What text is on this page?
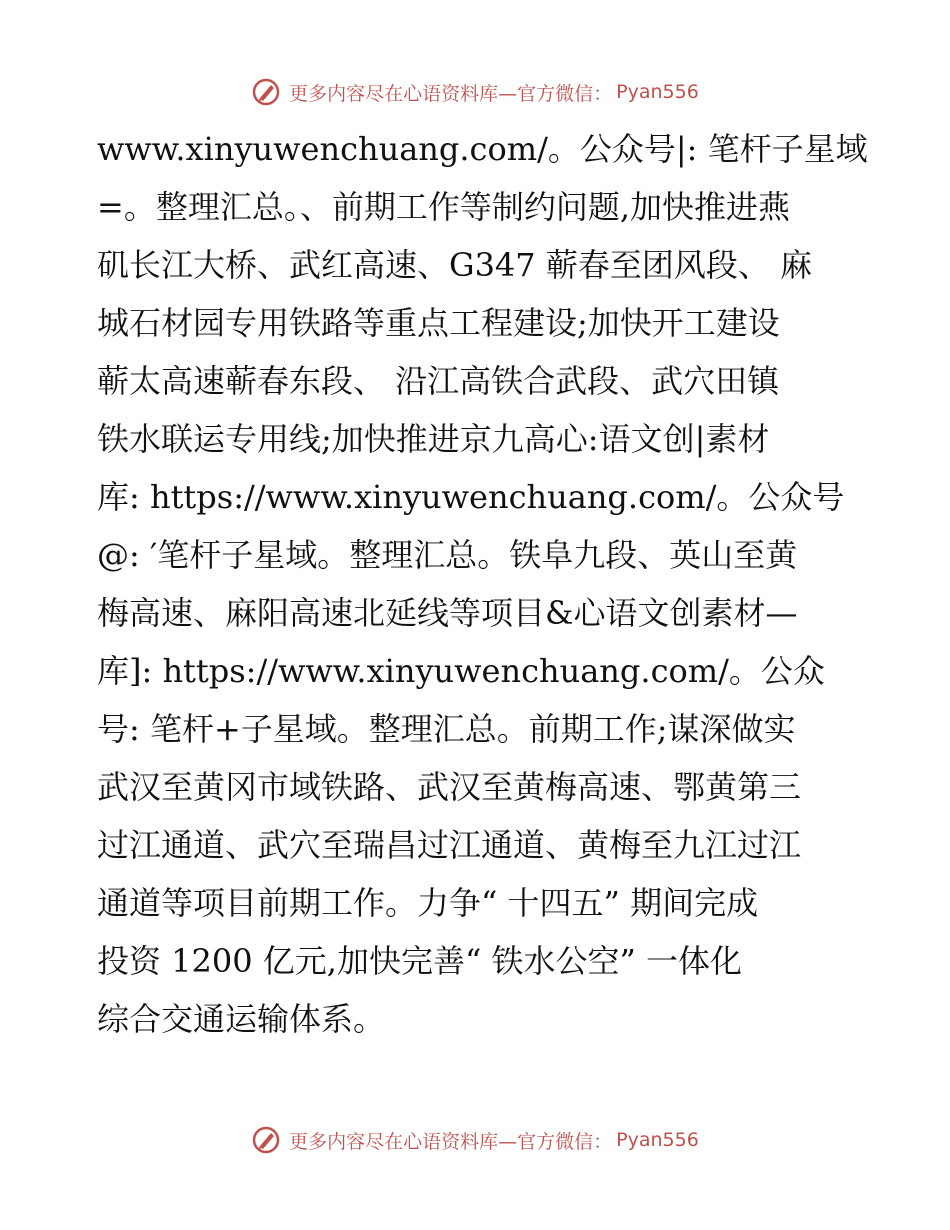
更多内容尽在心语资料库—官方微信： Pyan556
www.xinyuwenchuang.com/。公众号|: 笔杆子星域
=。整理汇总。、前期工作等制约问题,加快推进燕
矶长江大桥、武红高速、G347 蕲春至团风段、 麻
城石材园专用铁路等重点工程建设;加快开工建设
蕲太高速蕲春东段、 沿江高铁合武段、武穴田镇
铁水联运专用线;加快推进京九高心:语文创|素材
库: https://www.xinyuwenchuang.com/。公众号
@: ′笔杆子星域。整理汇总。铁阜九段、英山至黄
梅高速、麻阳高速北延线等项目&心语文创素材—
库]: https://www.xinyuwenchuang.com/。公众
号: 笔杆+子星域。整理汇总。前期工作;谋深做实
武汉至黄冈市域铁路、武汉至黄梅高速、鄂黄第三
过江通道、武穴至瑞昌过江通道、黄梅至九江过江
通道等项目前期工作。力争“ 十四五” 期间完成
投资 1200 亿元,加快完善“ 铁水公空” 一体化
综合交通运输体系。
更多内容尽在心语资料库—官方微信： Pyan556
